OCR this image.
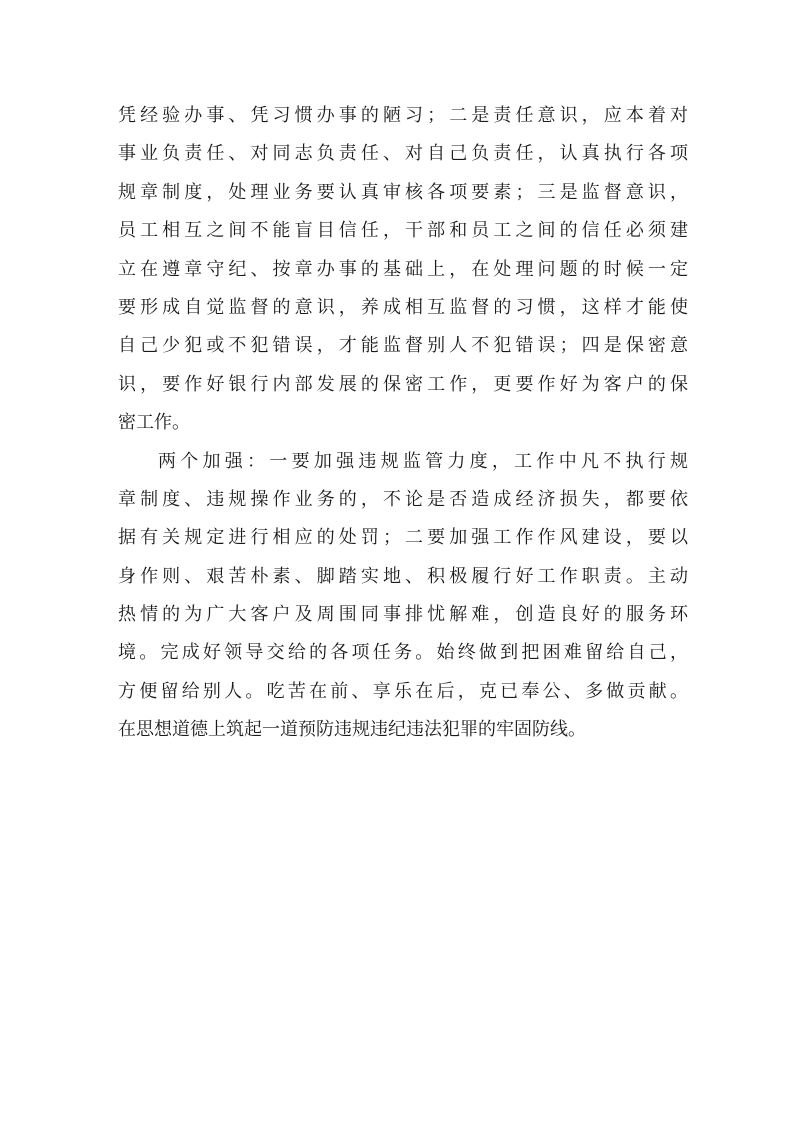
凭经验办事、凭习惯办事的陋习；二是责任意识，应本着对
事业负责任、对同志负责任、对自己负责任，认真执行各项
规章制度，处理业务要认真审核各项要素；三是监督意识，
员工相互之间不能盲目信任，干部和员工之间的信任必须建
立在遵章守纪、按章办事的基础上，在处理问题的时候一定
要形成自觉监督的意识，养成相互监督的习惯，这样才能使
自己少犯或不犯错误，才能监督别人不犯错误；四是保密意
识，要作好银行内部发展的保密工作，更要作好为客户的保
密工作。
两个加强：一要加强违规监管力度，工作中凡不执行规
章制度、违规操作业务的，不论是否造成经济损失，都要依
据有关规定进行相应的处罚；二要加强工作作风建设，要以
身作则、艰苦朴素、脚踏实地、积极履行好工作职责。主动
热情的为广大客户及周围同事排忧解难，创造良好的服务环
境。完成好领导交给的各项任务。始终做到把困难留给自己，
方便留给别人。吃苦在前、享乐在后，克已奉公、多做贡献。
在思想道德上筑起一道预防违规违纪违法犯罪的牢固防线。
